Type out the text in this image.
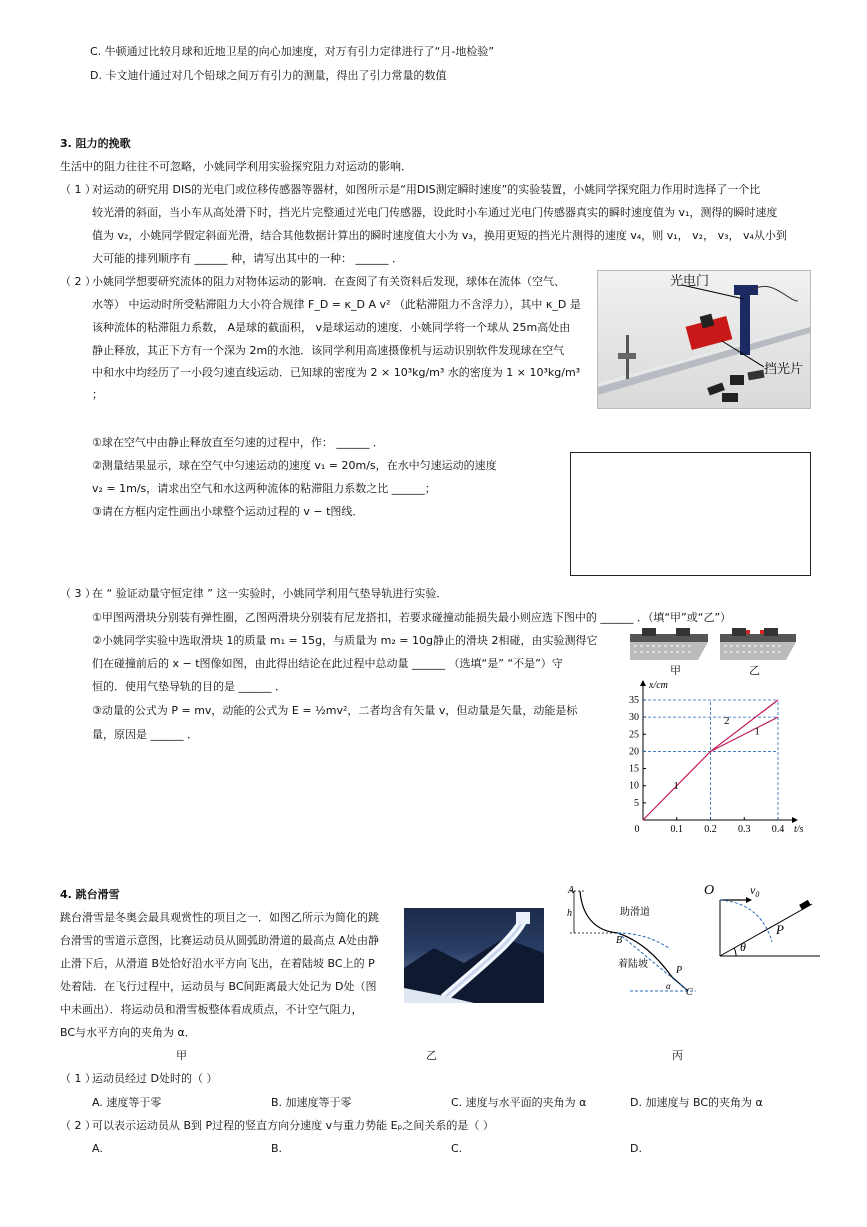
C. 牛顿通过比较月球和近地卫星的向心加速度，对万有引力定律进行了“月-地检验”
D. 卡文迪什通过对几个铅球之间万有引力的测量，得出了引力常量的数值
3. 阻力的挽歌
生活中的阻力往往不可忽略，小姚同学利用实验探究阻力对运动的影响．
（ 1 ）
对运动的研究用 DIS的光电门或位移传感器等器材，如图所示是“用DIS测定瞬时速度”的实验装置，小姚同学探究阻力作用时选择了一个比
较光滑的斜面，当小车从高处滑下时，挡光片完整通过光电门传感器，设此时小车通过光电门传感器真实的瞬时速度值为 v₁，测得的瞬时速度
值为 v₂，小姚同学假定斜面光滑，结合其他数据计算出的瞬时速度值大小为 v₃，换用更短的挡光片测得的速度 v₄，则 v₁， v₂， v₃， v₄从小到
大可能的排列顺序有 ______ 种，请写出其中的一种： ______ ．
（ 2 ）
小姚同学想要研究流体的阻力对物体运动的影响．在查阅了有关资料后发现，球体在流体（空气、
水等） 中运动时所受粘滞阻力大小符合规律 F_D = κ_D A v² （此粘滞阻力不含浮力），其中 κ_D 是
该种流体的粘滞阻力系数， A是球的截面积， v是球运动的速度．小姚同学将一个球从 25m高处由
静止释放，其正下方有一个深为 2m的水池．该同学利用高速摄像机与运动识别软件发现球在空气
中和水中均经历了一小段匀速直线运动．已知球的密度为 2 × 10³kg/m³ 水的密度为 1 × 10³kg/m³
；
①球在空气中由静止释放直至匀速的过程中，作： ______ ．
②测量结果显示，球在空气中匀速运动的速度 v₁ = 20m/s，在水中匀速运动的速度
v₂ = 1m/s，请求出空气和水这两种流体的粘滞阻力系数之比 ______；
③请在方框内定性画出小球整个运动过程的 v − t图线．
光电门
挡光片
（ 3 ）
在 “ 验证动量守恒定律 ” 这一实验时，小姚同学利用气垫导轨进行实验．
①甲图两滑块分别装有弹性圈，乙图两滑块分别装有尼龙搭扣，若要求碰撞动能损失最小则应选下图中的 ______ ．（填“甲”或“乙”）
②小姚同学实验中选取滑块 1的质量 m₁ = 15g，与质量为 m₂ = 10g静止的滑块 2相碰，由实验测得它
们在碰撞前后的 x − t图像如图，由此得出结论在此过程中总动量 ______ （选填“是” “不是”）守
恒的．使用气垫导轨的目的是 ______ ．
③动量的公式为 P = mv，动能的公式为 E = ½mv²，二者均含有矢量 v，但动量是矢量，动能是标
量，原因是 ______ ．
甲	乙
5
10
15
20
25
30
35
0	0.1 0.2 0.3 0.4
1
1
2
t/s
x/cm
4. 跳台滑雪
跳台滑雪是冬奥会最具观赏性的项目之一．如图乙所示为简化的跳
台滑雪的雪道示意图，比赛运动员从圆弧助滑道的最高点 A处由静
止滑下后，从滑道 B处恰好沿水平方向飞出，在着陆坡 BC上的 P
处着陆．在飞行过程中，运动员与 BC间距离最大处记为 D处（图
中未画出）．将运动员和滑雪板整体看成质点，不计空气阻力，
BC与水平方向的夹角为 α．
A
h
B
P
C
α
助滑道
着陆坡
O	$v_0$
P
θ
甲	乙	丙
（ 1 ）
运动员经过 D处时的（ ）
A. 速度等于零	B. 加速度等于零	C. 速度与水平面的夹角为 α	D. 加速度与 BC的夹角为 α
（ 2 ）
可以表示运动员从 B到 P过程的竖直方向分速度 v与重力势能 Eₚ之间关系的是（ ）
A.	B.	C.	D.
